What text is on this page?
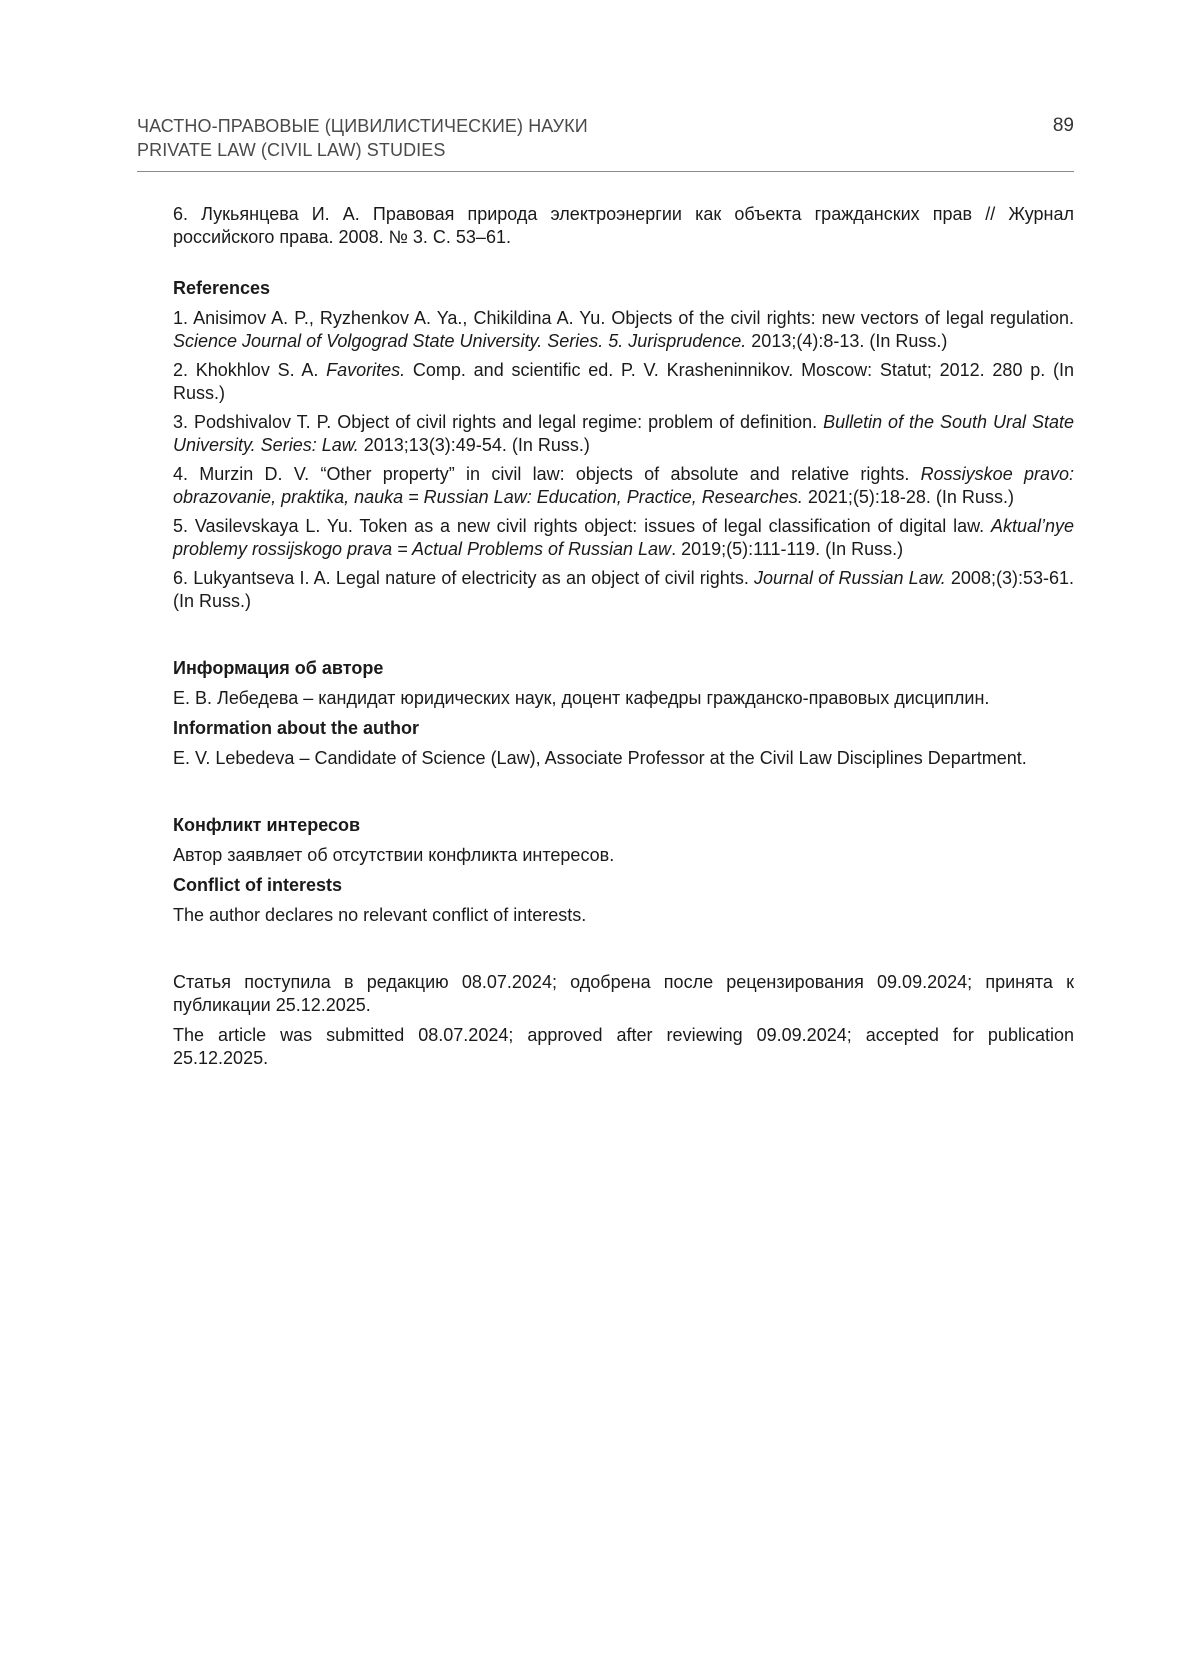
ЧАСТНО-ПРАВОВЫЕ (ЦИВИЛИСТИЧЕСКИЕ) НАУКИ
PRIVATE LAW (CIVIL LAW) STUDIES
89

6. Лукьянцева И. А. Правовая природа электроэнергии как объекта гражданских прав // Журнал российского права. 2008. № 3. С. 53–61.

References

1. Anisimov A. P., Ryzhenkov A. Ya., Chikildina A. Yu. Objects of the civil rights: new vectors of legal regulation. Science Journal of Volgograd State University. Series. 5. Jurisprudence. 2013;(4):8-13. (In Russ.)

2. Khokhlov S. A. Favorites. Comp. and scientific ed. P. V. Krasheninnikov. Moscow: Statut; 2012. 280 p. (In Russ.)

3. Podshivalov T. P. Object of civil rights and legal regime: problem of definition. Bulletin of the South Ural State University. Series: Law. 2013;13(3):49-54. (In Russ.)

4. Murzin D. V. “Other property” in civil law: objects of absolute and relative rights. Rossiyskoe pravo: obrazovanie, praktika, nauka = Russian Law: Education, Practice, Researches. 2021;(5):18-28. (In Russ.)

5. Vasilevskaya L. Yu. Token as a new civil rights object: issues of legal classification of digital law. Aktual’nye problemy rossijskogo prava = Actual Problems of Russian Law. 2019;(5):111-119. (In Russ.)

6. Lukyantseva I. A. Legal nature of electricity as an object of civil rights. Journal of Russian Law. 2008;(3):53-61. (In Russ.)

Информация об авторе

Е. В. Лебедева – кандидат юридических наук, доцент кафедры гражданско-правовых дисциплин.

Information about the author

E. V. Lebedeva – Candidate of Science (Law), Associate Professor at the Civil Law Disciplines Department.

Конфликт интересов

Автор заявляет об отсутствии конфликта интересов.

Conflict of interests

The author declares no relevant conflict of interests.

Статья поступила в редакцию 08.07.2024; одобрена после рецензирования 09.09.2024; принята к публикации 25.12.2025.

The article was submitted 08.07.2024; approved after reviewing 09.09.2024; accepted for publication 25.12.2025.
